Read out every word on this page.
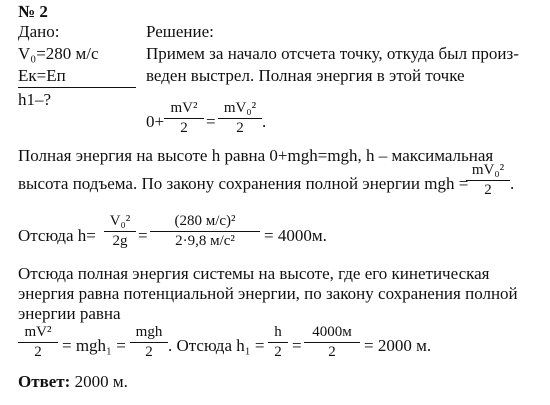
№ 2
Дано:
V₀=280 м/с
Eк=Eп
h1–?
Решение:
Примем за начало отсчета точку, откуда был произ-
веден выстрел. Полная энергия в этой точке
0+
mV²
2	=
mV₀²
2	.
Полная энергия на высоте h равна 0+mgh=mgh, h – максимальная
высота подъема. По закону сохранения полной энергии mgh =
mV₀²
2	.
Отсюда h=
V₀²
2g =
(280 м/с)²
2·9,8 м/с²	= 4000м.
Отсюда полная энергия системы на высоте, где его кинетическая
энергия равна потенциальной энергии, по закону сохранения полной
энергии равна
mV²
2	= mgh₁ =
mgh
2 . Отсюда h₁ =
h
2 =
4000м
2	= 2000 м.
Ответ: 2000 м.
